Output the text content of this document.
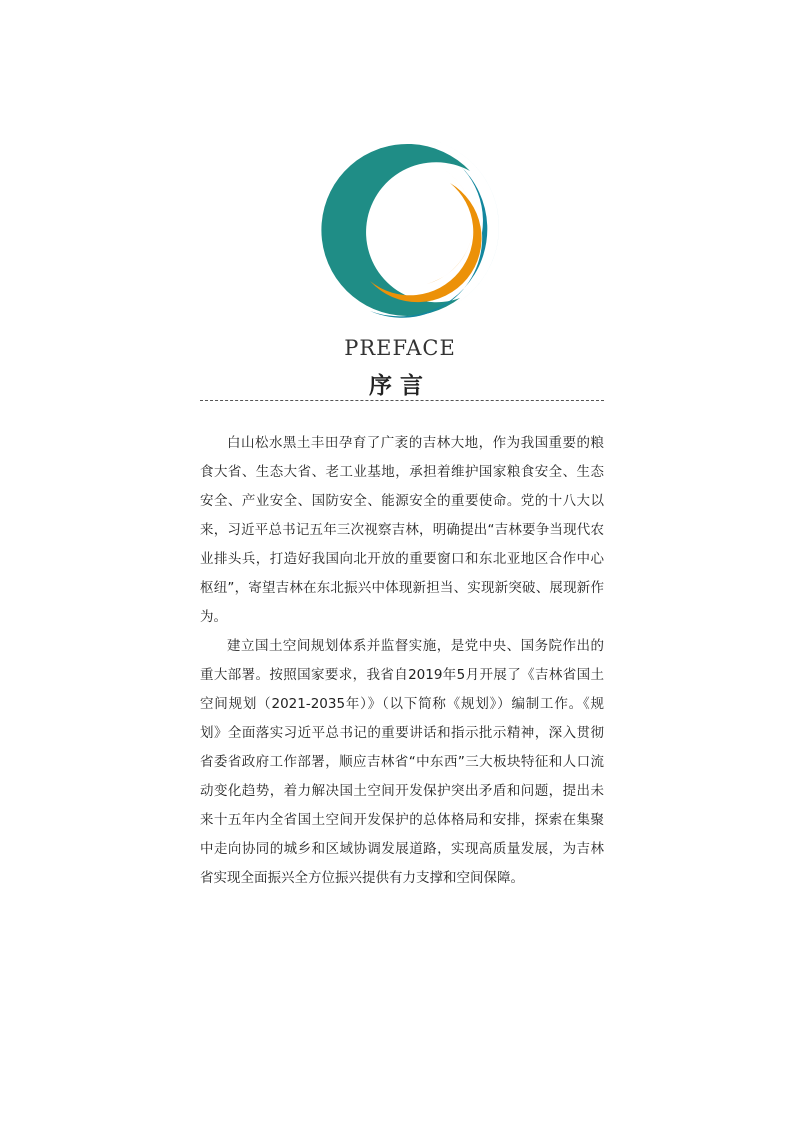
PREFACE
序言

白山松水黑土丰田孕育了广袤的吉林大地，作为我国重要的粮食大省、生态大省、老工业基地，承担着维护国家粮食安全、生态安全、产业安全、国防安全、能源安全的重要使命。党的十八大以来，习近平总书记五年三次视察吉林，明确提出“吉林要争当现代农业排头兵，打造好我国向北开放的重要窗口和东北亚地区合作中心枢纽”，寄望吉林在东北振兴中体现新担当、实现新突破、展现新作为。

建立国土空间规划体系并监督实施，是党中央、国务院作出的重大部署。按照国家要求，我省自2019年5月开展了《吉林省国土空间规划（2021-2035年）》（以下简称《规划》）编制工作。《规划》全面落实习近平总书记的重要讲话和指示批示精神，深入贯彻省委省政府工作部署，顺应吉林省“中东西”三大板块特征和人口流动变化趋势，着力解决国土空间开发保护突出矛盾和问题，提出未来十五年内全省国土空间开发保护的总体格局和安排，探索在集聚中走向协同的城乡和区域协调发展道路，实现高质量发展，为吉林省实现全面振兴全方位振兴提供有力支撑和空间保障。
